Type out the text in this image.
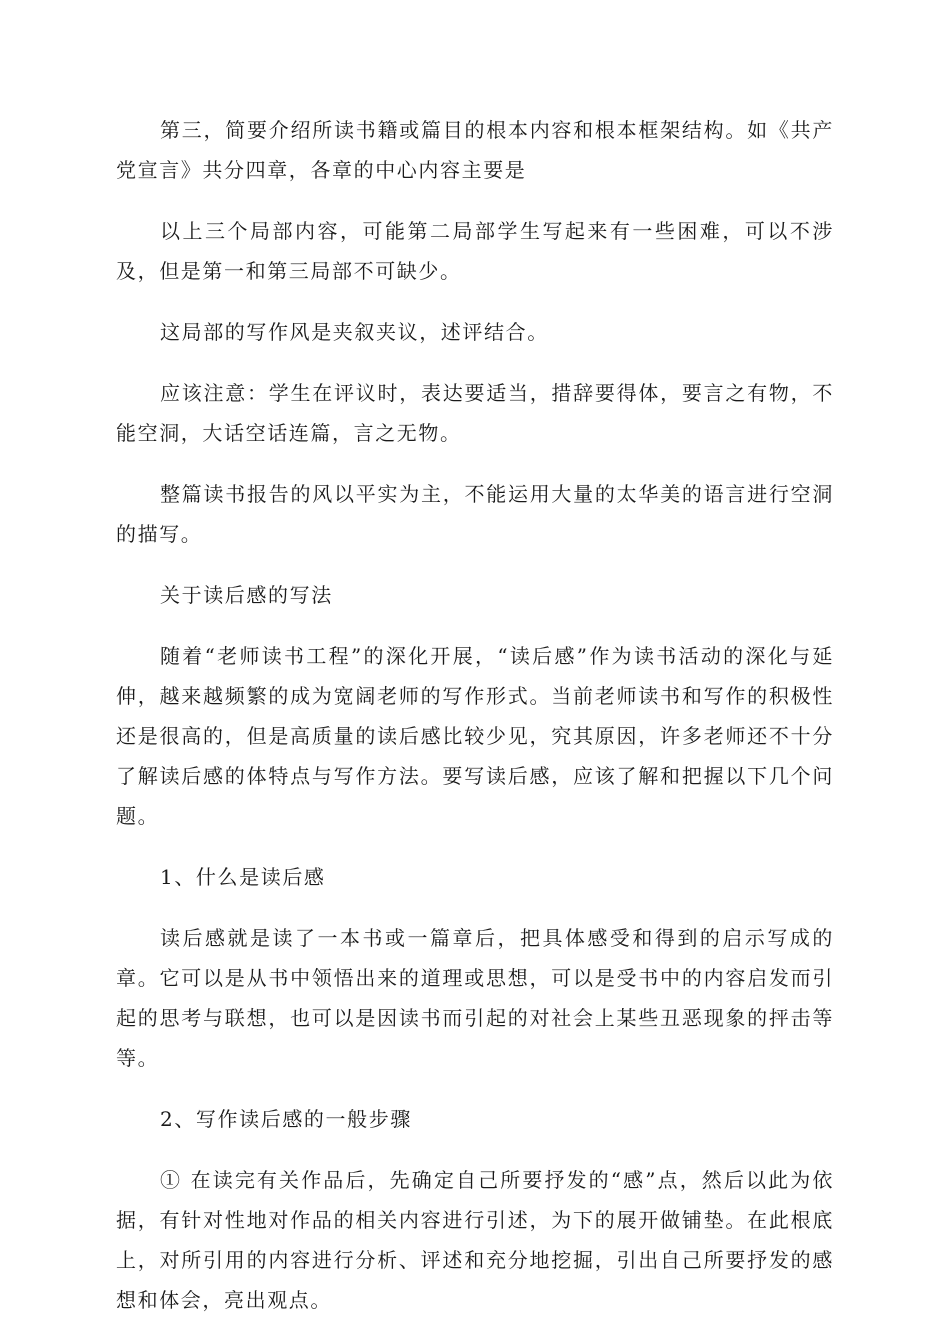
第三，简要介绍所读书籍或篇目的根本内容和根本框架结构。如《共产党宣言》共分四章，各章的中心内容主要是

以上三个局部内容，可能第二局部学生写起来有一些困难，可以不涉及，但是第一和第三局部不可缺少。

这局部的写作风是夹叙夹议，述评结合。

应该注意：学生在评议时，表达要适当，措辞要得体，要言之有物，不能空洞，大话空话连篇，言之无物。

整篇读书报告的风以平实为主，不能运用大量的太华美的语言进行空洞的描写。

关于读后感的写法

随着“老师读书工程”的深化开展，“读后感”作为读书活动的深化与延伸，越来越频繁的成为宽阔老师的写作形式。当前老师读书和写作的积极性还是很高的，但是高质量的读后感比较少见，究其原因，许多老师还不十分了解读后感的体特点与写作方法。要写读后感，应该了解和把握以下几个问题。

1、什么是读后感

读后感就是读了一本书或一篇章后，把具体感受和得到的启示写成的章。它可以是从书中领悟出来的道理或思想，可以是受书中的内容启发而引起的思考与联想，也可以是因读书而引起的对社会上某些丑恶现象的抨击等等。

2、写作读后感的一般步骤

① 在读完有关作品后，先确定自己所要抒发的“感”点，然后以此为依据，有针对性地对作品的相关内容进行引述，为下的展开做铺垫。在此根底上，对所引用的内容进行分析、评述和充分地挖掘，引出自己所要抒发的感想和体会，亮出观点。
